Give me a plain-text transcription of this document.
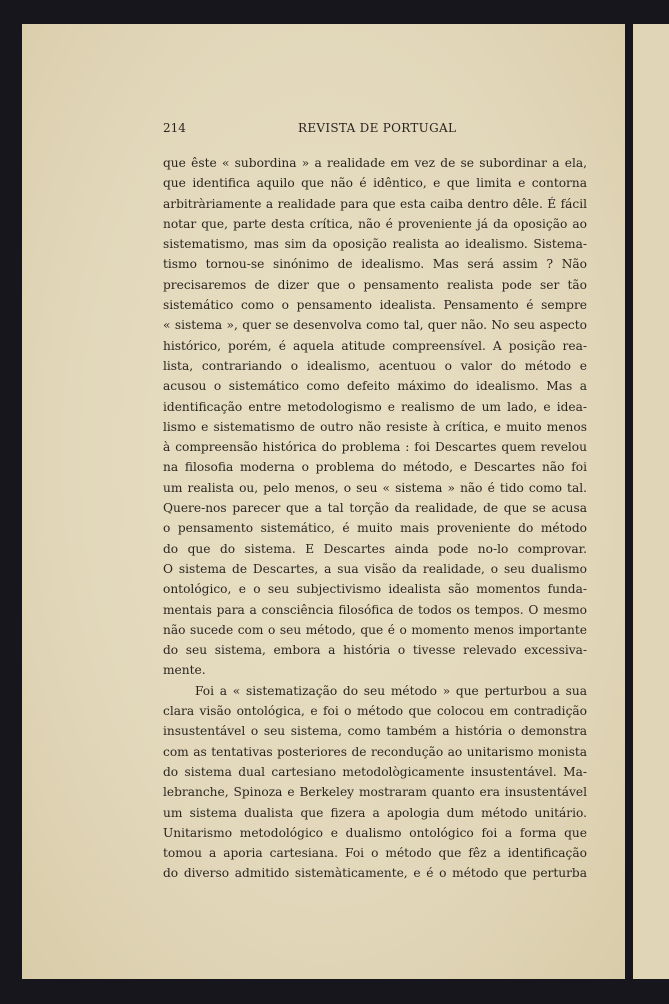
214	REVISTA DE PORTUGAL
que êste « subordina » a realidade em vez de se subordinar a ela,
que identifica aquilo que não é idêntico, e que limita e contorna
arbitràriamente a realidade para que esta caiba dentro dêle. É fácil
notar que, parte desta crítica, não é proveniente já da oposição ao
sistematismo, mas sim da oposição realista ao idealismo. Sistema-
tismo tornou-se sinónimo de idealismo. Mas será assim ? Não
precisaremos de dizer que o pensamento realista pode ser tão
sistemático como o pensamento idealista. Pensamento é sempre
« sistema », quer se desenvolva como tal, quer não. No seu aspecto
histórico, porém, é aquela atitude compreensível. A posição rea-
lista, contrariando o idealismo, acentuou o valor do método e
acusou o sistemático como defeito máximo do idealismo. Mas a
identificação entre metodologismo e realismo de um lado, e idea-
lismo e sistematismo de outro não resiste à crítica, e muito menos
à compreensão histórica do problema : foi Descartes quem revelou
na filosofia moderna o problema do método, e Descartes não foi
um realista ou, pelo menos, o seu « sistema » não é tido como tal.
Quere-nos parecer que a tal torção da realidade, de que se acusa
o pensamento sistemático, é muito mais proveniente do método
do que do sistema. E Descartes ainda pode no-lo comprovar.
O sistema de Descartes, a sua visão da realidade, o seu dualismo
ontológico, e o seu subjectivismo idealista são momentos funda-
mentais para a consciência filosófica de todos os tempos. O mesmo
não sucede com o seu método, que é o momento menos importante
do seu sistema, embora a história o tivesse relevado excessiva-
mente.
Foi a « sistematização do seu método » que perturbou a sua
clara visão ontológica, e foi o método que colocou em contradição
insustentável o seu sistema, como também a história o demonstra
com as tentativas posteriores de recondução ao unitarismo monista
do sistema dual cartesiano metodològicamente insustentável. Ma-
lebranche, Spinoza e Berkeley mostraram quanto era insustentável
um sistema dualista que fizera a apologia dum método unitário.
Unitarismo metodológico e dualismo ontológico foi a forma que
tomou a aporia cartesiana. Foi o método que fêz a identificação
do diverso admitido sistemàticamente, e é o método que perturba
